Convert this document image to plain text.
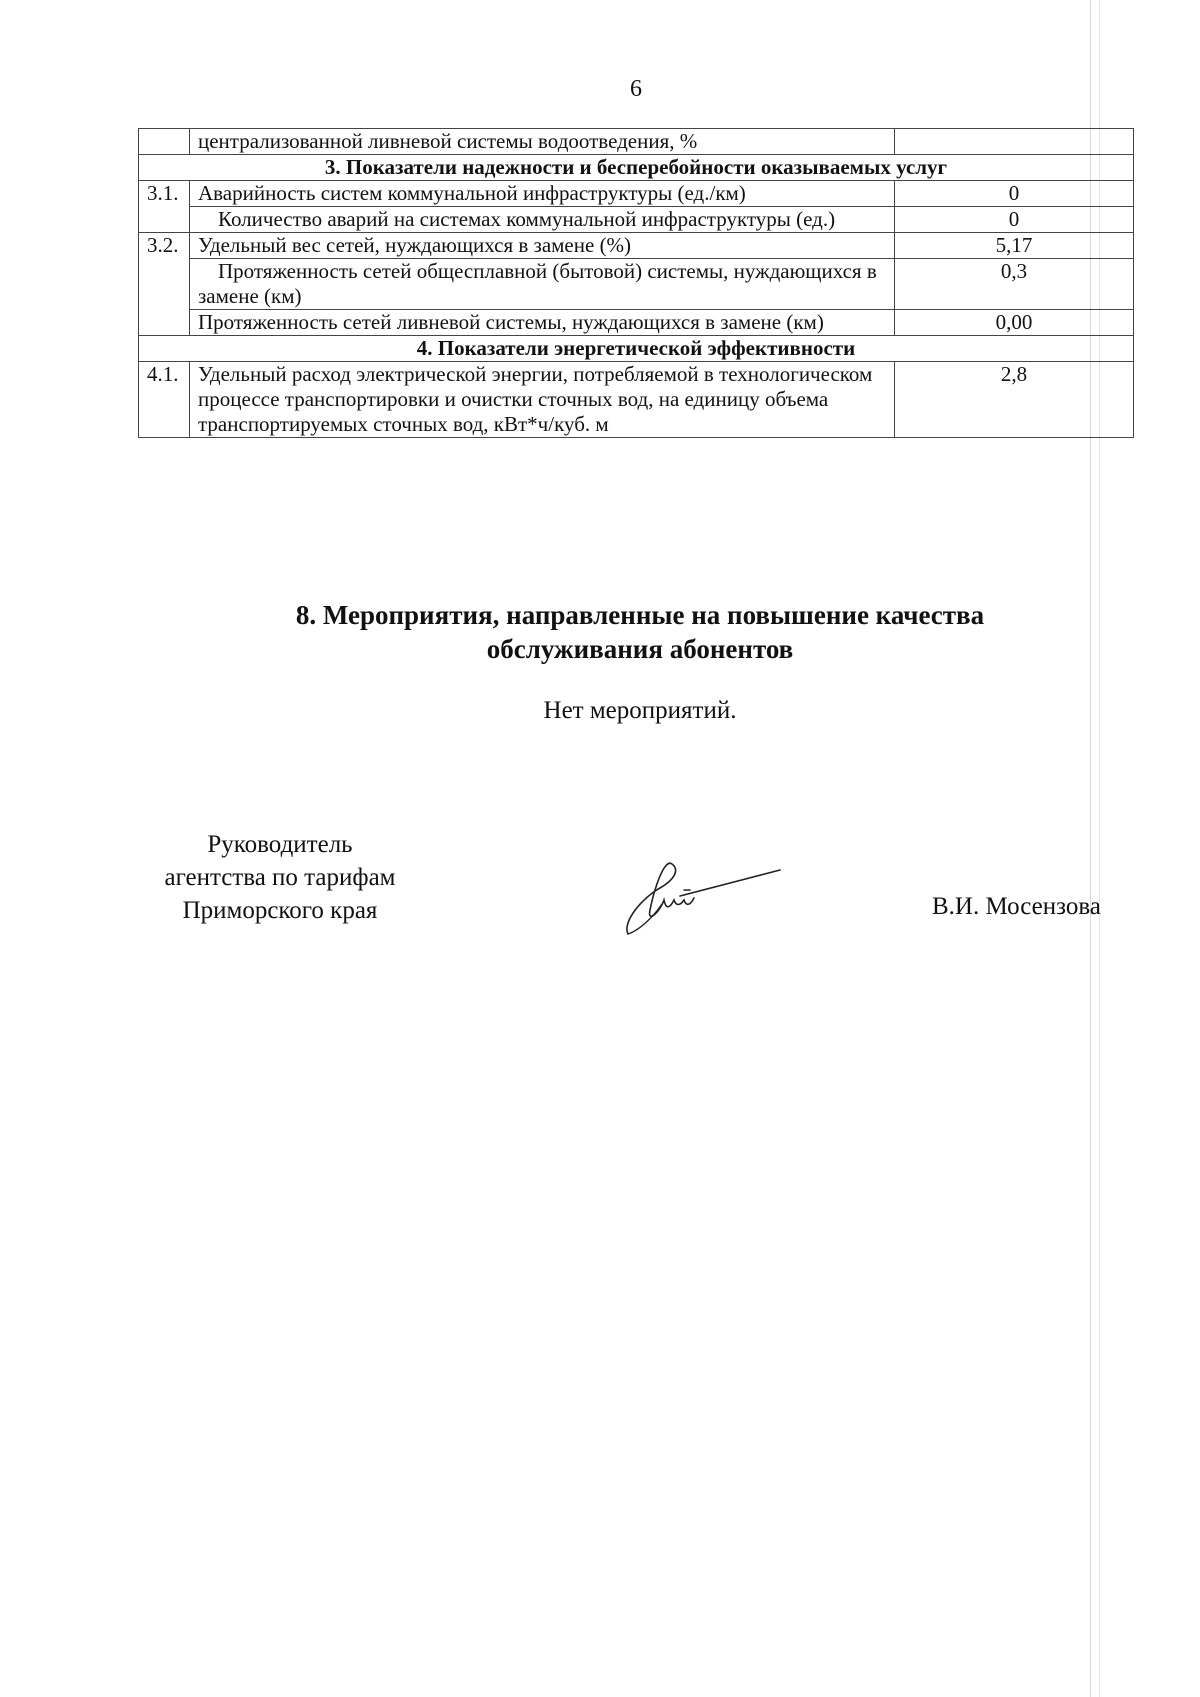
6
	централизованной ливневой системы водоотведения, %	
3. Показатели надежности и бесперебойности оказываемых услуг		
3.1.	Аварийность систем коммунальной инфраструктуры (ед./км)	0
	Количество аварий на системах коммунальной инфраструктуры (ед.)	0
3.2.	Удельный вес сетей, нуждающихся в замене (%)	5,17
	Протяженность сетей общесплавной (бытовой) системы, нуждающихся в замене (км)	0,3
	Протяженность сетей ливневой системы, нуждающихся в замене (км)	0,00
4. Показатели энергетической эффективности		
4.1.	Удельный расход электрической энергии, потребляемой в технологическом процессе транспортировки и очистки сточных вод, на единицу объема транспортируемых сточных вод, кВт*ч/куб. м	2,8
8. Мероприятия, направленные на повышение качества
обслуживания абонентов
Нет мероприятий.
Руководитель
агентства по тарифам
Приморского края	В.И. Мосензова
